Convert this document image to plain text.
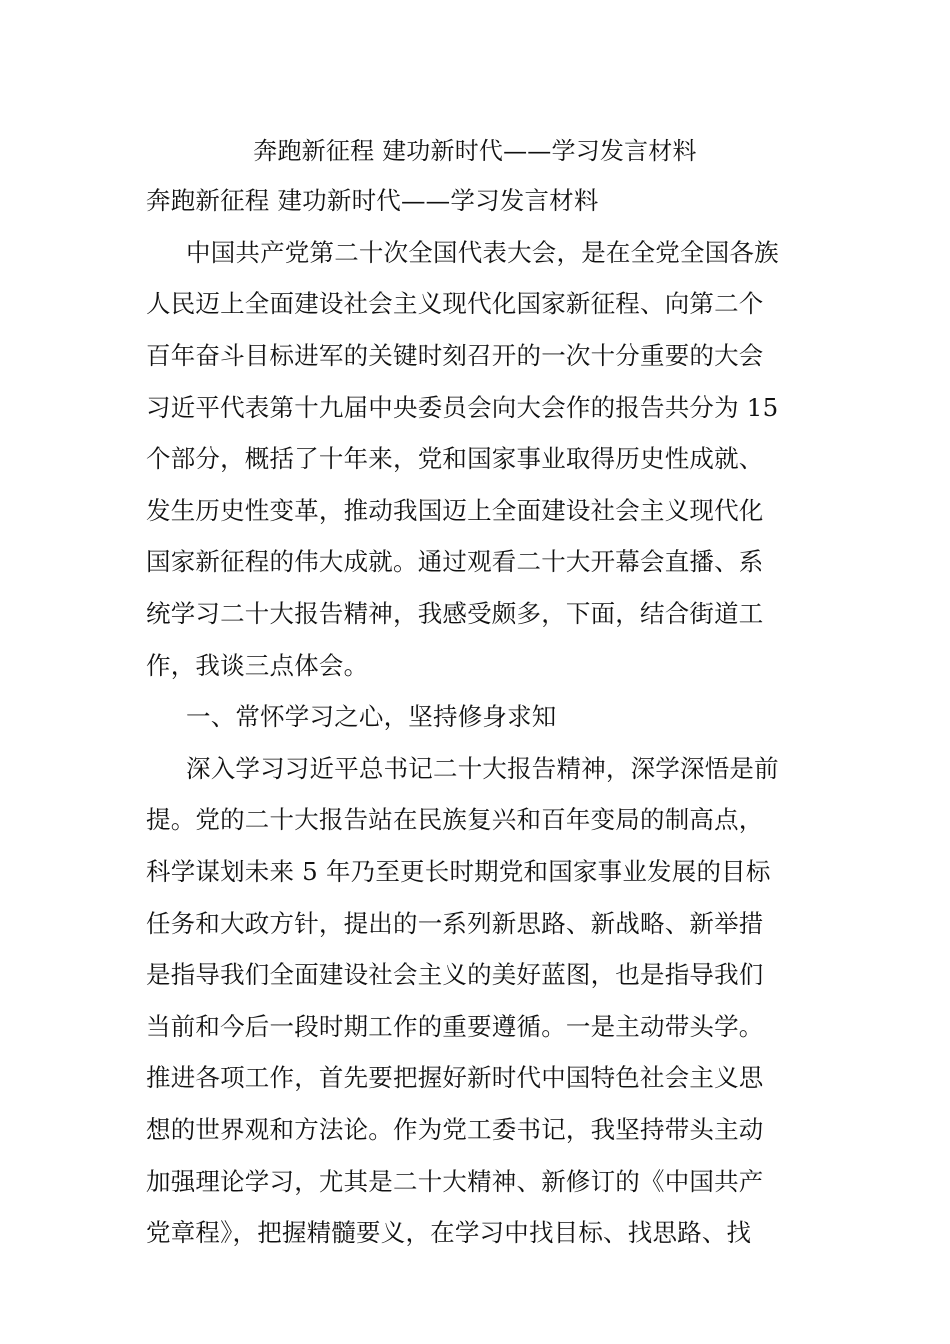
奔跑新征程 建功新时代——学习发言材料
奔跑新征程 建功新时代——学习发言材料
中国共产党第二十次全国代表大会，是在全党全国各族
人民迈上全面建设社会主义现代化国家新征程、向第二个
百年奋斗目标进军的关键时刻召开的一次十分重要的大会
习近平代表第十九届中央委员会向大会作的报告共分为 15
个部分，概括了十年来，党和国家事业取得历史性成就、
发生历史性变革，推动我国迈上全面建设社会主义现代化
国家新征程的伟大成就。通过观看二十大开幕会直播、系
统学习二十大报告精神，我感受颇多，下面，结合街道工
作，我谈三点体会。
一、常怀学习之心，坚持修身求知
深入学习习近平总书记二十大报告精神，深学深悟是前
提。党的二十大报告站在民族复兴和百年变局的制高点，
科学谋划未来 5 年乃至更长时期党和国家事业发展的目标
任务和大政方针，提出的一系列新思路、新战略、新举措
是指导我们全面建设社会主义的美好蓝图，也是指导我们
当前和今后一段时期工作的重要遵循。一是主动带头学。
推进各项工作，首先要把握好新时代中国特色社会主义思
想的世界观和方法论。作为党工委书记，我坚持带头主动
加强理论学习，尤其是二十大精神、新修订的《中国共产
党章程》，把握精髓要义，在学习中找目标、找思路、找
